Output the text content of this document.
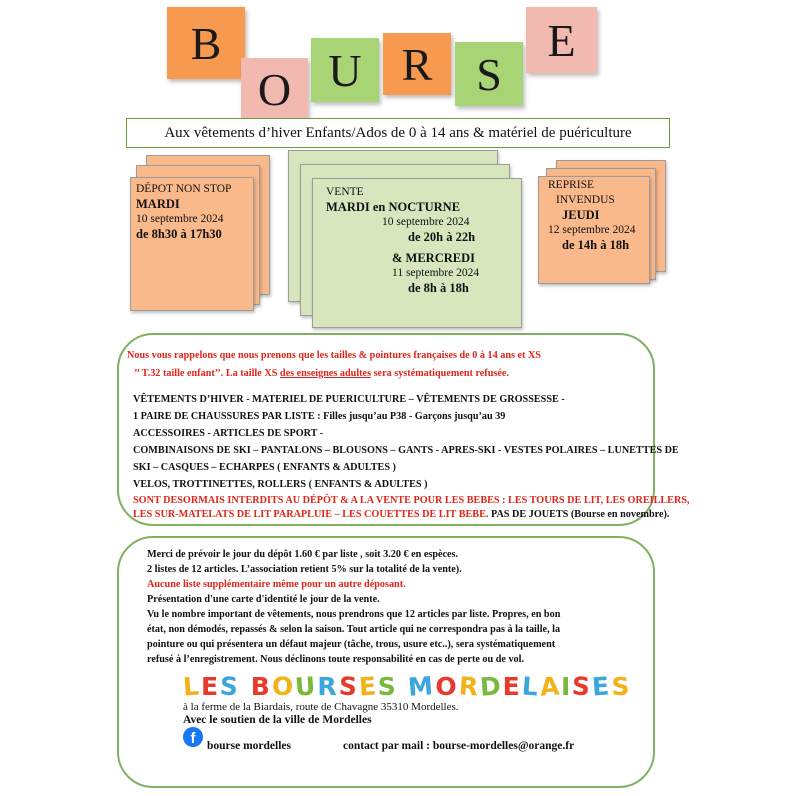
B
O U R S
E
Aux vêtements d’hiver Enfants/Ados de 0 à 14 ans & matériel de puériculture
DÉPOT NON STOP
MARDI
10 septembre 2024
de 8h30 à 17h30
VENTE
MARDI en NOCTURNE
10 septembre 2024
de 20h à 22h
& MERCREDI
11 septembre 2024
de 8h à 18h
REPRISE
INVENDUS
JEUDI
12 septembre 2024
de 14h à 18h
Nous vous rappelons que nous prenons que les tailles & pointures françaises de 0 à 14 ans et XS
’’ T.32 taille enfant’’. La taille XS des enseignes adultes sera systématiquement refusée.
VÊTEMENTS D’HIVER - MATERIEL DE PUERICULTURE – VÊTEMENTS DE GROSSESSE -
1 PAIRE DE CHAUSSURES PAR LISTE : Filles jusqu’au P38 - Garçons jusqu’au 39
ACCESSOIRES - ARTICLES DE SPORT -
COMBINAISONS DE SKI – PANTALONS – BLOUSONS – GANTS - APRES-SKI - VESTES POLAIRES – LUNETTES DE
SKI – CASQUES – ECHARPES ( ENFANTS & ADULTES )
VELOS, TROTTINETTES, ROLLERS ( ENFANTS & ADULTES )
SONT DESORMAIS INTERDITS AU DÉPÔT & A LA VENTE POUR LES BEBES : LES TOURS DE LIT, LES OREILLERS,
LES SUR-MATELATS DE LIT PARAPLUIE – LES COUETTES DE LIT BEBE. PAS DE JOUETS (Bourse en novembre).
Merci de prévoir le jour du dépôt 1.60 € par liste , soit 3.20 € en espèces.
2 listes de 12 articles. L’association retient 5% sur la totalité de la vente).
Aucune liste supplémentaire même pour un autre déposant.
Présentation d'une carte d'identité le jour de la vente.
Vu le nombre important de vêtements, nous prendrons que 12 articles par liste. Propres, en bon
état, non démodés, repassés & selon la saison. Tout article qui ne correspondra pas à la taille, la
pointure ou qui présentera un défaut majeur (tâche, trous, usure etc..), sera systématiquement
refusé à l’enregistrement. Nous déclinons toute responsabilité en cas de perte ou de vol.
LES BOURSES MORDELAISES
à la ferme de la Biardais, route de Chavagne 35310 Mordelles.
Avec le soutien de la ville de Mordelles
f bourse mordelles	contact par mail : bourse-mordelles@orange.fr
